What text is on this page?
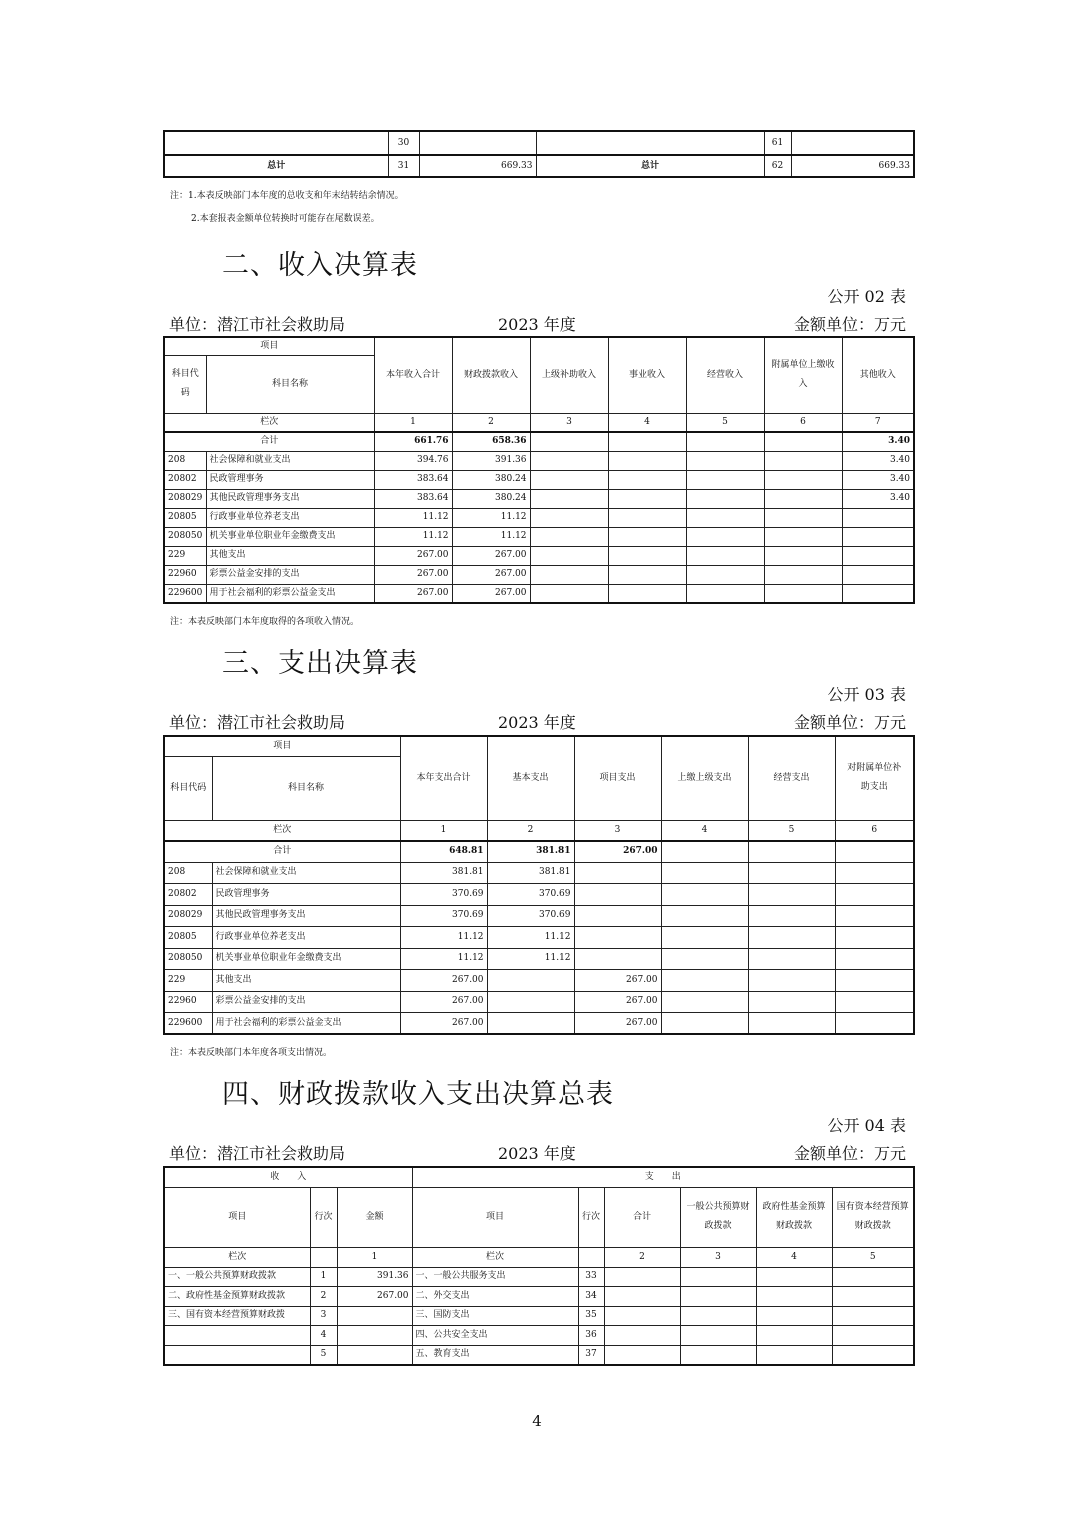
	30			61	
总计	31	669.33	总计	62	669.33
注：1.本表反映部门本年度的总收支和年末结转结余情况。
2.本套报表金额单位转换时可能存在尾数误差。
二、收入决算表
公开 02 表
单位：潜江市社会救助局	2023 年度	金额单位：万元
项目		本年收入合计	财政拨款收入	上级补助收入	事业收入	经营收入	附属单位上缴收入	其他收入
科目代码	科目名称							
栏次		1	2	3	4	5	6	7
合计		661.76	658.36					3.40
208	社会保障和就业支出	394.76	391.36					3.40
20802	民政管理事务	383.64	380.24					3.40
208029	其他民政管理事务支出	383.64	380.24					3.40
20805	行政事业单位养老支出	11.12	11.12					
208050	机关事业单位职业年金缴费支出	11.12	11.12					
229	其他支出	267.00	267.00					
22960	彩票公益金安排的支出	267.00	267.00					
229600	用于社会福利的彩票公益金支出	267.00	267.00					
注：本表反映部门本年度取得的各项收入情况。
三、支出决算表
公开 03 表
单位：潜江市社会救助局	2023 年度	金额单位：万元
项目		本年支出合计	基本支出	项目支出	上缴上级支出	经营支出	对附属单位补助支出
科目代码	科目名称						
栏次		1	2	3	4	5	6
合计		648.81	381.81	267.00			
208	社会保障和就业支出	381.81	381.81				
20802	民政管理事务	370.69	370.69				
208029	其他民政管理事务支出	370.69	370.69				
20805	行政事业单位养老支出	11.12	11.12				
208050	机关事业单位职业年金缴费支出	11.12	11.12				
229	其他支出	267.00		267.00			
22960	彩票公益金安排的支出	267.00		267.00			
229600	用于社会福利的彩票公益金支出	267.00		267.00			
注：本表反映部门本年度各项支出情况。
四、财政拨款收入支出决算总表
公开 04 表
单位：潜江市社会救助局	2023 年度	金额单位：万元
收　　入			支　　出					
项目	行次	金额	项目	行次	合计	一般公共预算财政拨款	政府性基金预算财政拨款	国有资本经营预算财政拨款
栏次		1	栏次		2	3	4	5
一、一般公共预算财政拨款	1	391.36	一、一般公共服务支出	33				
二、政府性基金预算财政拨款	2	267.00	二、外交支出	34				
三、国有资本经营预算财政拨	3		三、国防支出	35				
	4		四、公共安全支出	36				
	5		五、教育支出	37				
4
